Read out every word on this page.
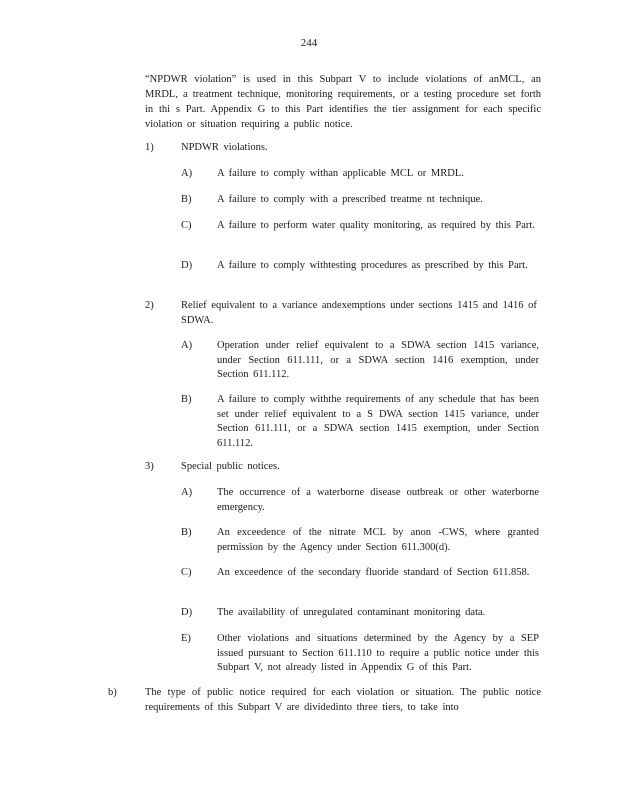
244
“NPDWR violation” is used in this Subpart V to include violations of anMCL, an MRDL, a treatment technique, monitoring requirements, or a testing procedure set forth in thi s Part. Appendix G to this Part identifies the tier assignment for each specific violation or situation requiring a public notice.
1)	NPDWR violations.
A) A failure to comply withan applicable MCL or MRDL.
B) A failure to comply with a prescribed treatme nt technique.
C) A failure to perform water quality monitoring, as required by this Part.
D) A failure to comply withtesting procedures as prescribed by this Part.
2)	Relief equivalent to a variance andexemptions under sections 1415 and 1416 of SDWA.
A) Operation under relief equivalent to a SDWA section 1415 variance, under Section 611.111, or a SDWA section 1416 exemption, under Section 611.112.
B) A failure to comply withthe requirements of any schedule that has been set under relief equivalent to a S DWA section 1415 variance, under Section 611.111, or a SDWA section 1415 exemption, under Section 611.112.
3)	Special public notices.
A) The occurrence of a waterborne disease outbreak or other waterborne emergency.
B) An exceedence of the nitrate MCL by anon -CWS, where granted permission by the Agency under Section 611.300(d).
C) An exceedence of the secondary fluoride standard of Section 611.858.
D) The availability of unregulated contaminant monitoring data.
E) Other violations and situations determined by the Agency by a SEP issued pursuant to Section 611.110 to require a public notice under this Subpart V, not already listed in Appendix G of this Part.
b)	The type of public notice required for each violation or situation. The public notice requirements of this Subpart V are dividedinto three tiers, to take into
